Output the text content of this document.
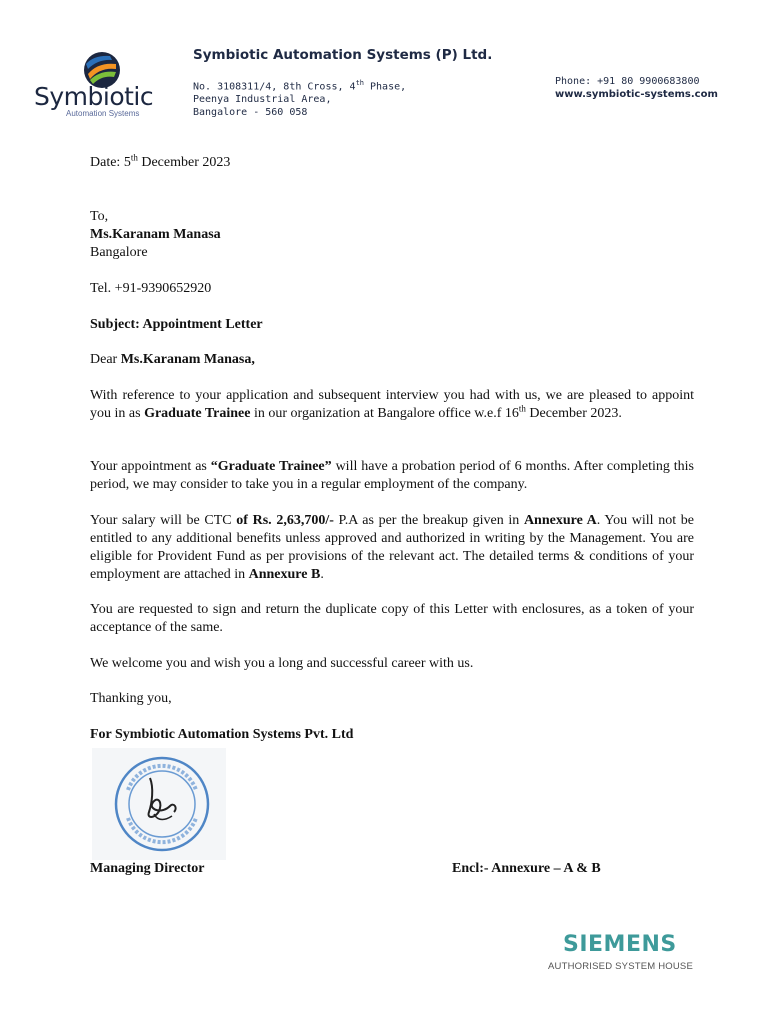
Symbiotic
Automation Systems
Symbiotic Automation Systems (P) Ltd.
No. 3108311/4, 8th Cross, 4th Phase,
Peenya Industrial Area,
Bangalore - 560 058
Phone: +91 80 9900683800
www.symbiotic-systems.com
Date: 5th December 2023
To,
Ms.Karanam Manasa
Bangalore
Tel. +91-9390652920
Subject: Appointment Letter
Dear Ms.Karanam Manasa,
With reference to your application and subsequent interview you had with us, we are pleased to appoint you in as Graduate Trainee in our organization at Bangalore office w.e.f 16th December 2023.
Your appointment as “Graduate Trainee” will have a probation period of 6 months. After completing this period, we may consider to take you in a regular employment of the company.
Your salary will be CTC of Rs. 2,63,700/- P.A as per the breakup given in Annexure A. You will not be entitled to any additional benefits unless approved and authorized in writing by the Management. You are eligible for Provident Fund as per provisions of the relevant act. The detailed terms & conditions of your employment are attached in Annexure B.
You are requested to sign and return the duplicate copy of this Letter with enclosures, as a token of your acceptance of the same.
We welcome you and wish you a long and successful career with us.
Thanking you,
For Symbiotic Automation Systems Pvt. Ltd
Managing Director	Encl:- Annexure – A & B
SIEMENS
AUTHORISED SYSTEM HOUSE
